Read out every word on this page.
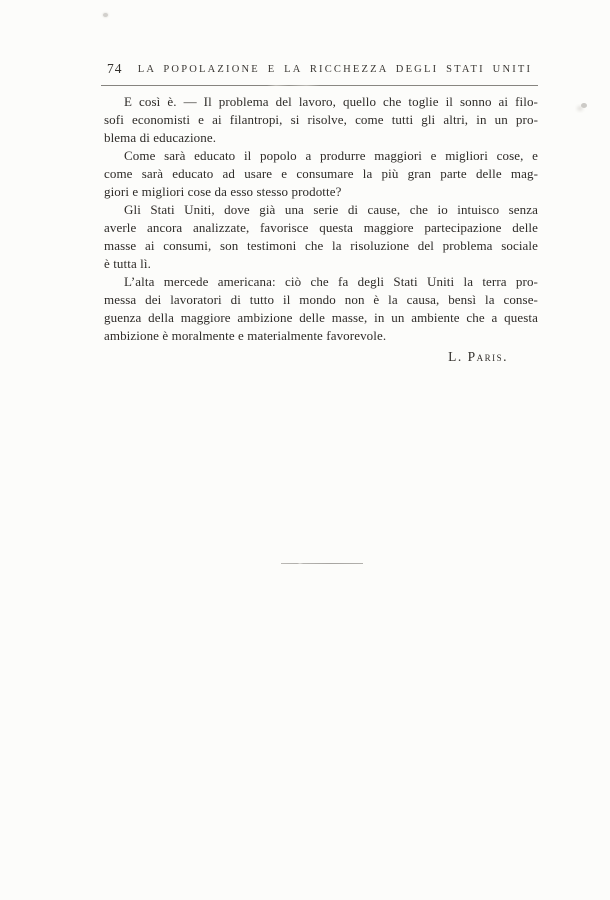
74	LA POPOLAZIONE E LA RICCHEZZA DEGLI STATI UNITI
E così è. — Il problema del lavoro, quello che toglie il sonno ai filo-
sofi economisti e ai filantropi, si risolve, come tutti gli altri, in un pro-
blema di educazione.
Come sarà educato il popolo a produrre maggiori e migliori cose, e
come sarà educato ad usare e consumare la più gran parte delle mag-
giori e migliori cose da esso stesso prodotte?
Gli Stati Uniti, dove già una serie di cause, che io intuisco senza
averle ancora analizzate, favorisce questa maggiore partecipazione delle
masse ai consumi, son testimoni che la risoluzione del problema sociale
è tutta lì.
L’alta mercede americana: ciò che fa degli Stati Uniti la terra pro-
messa dei lavoratori di tutto il mondo non è la causa, bensì la conse-
guenza della maggiore ambizione delle masse, in un ambiente che a questa
ambizione è moralmente e materialmente favorevole.
L. Paris.
